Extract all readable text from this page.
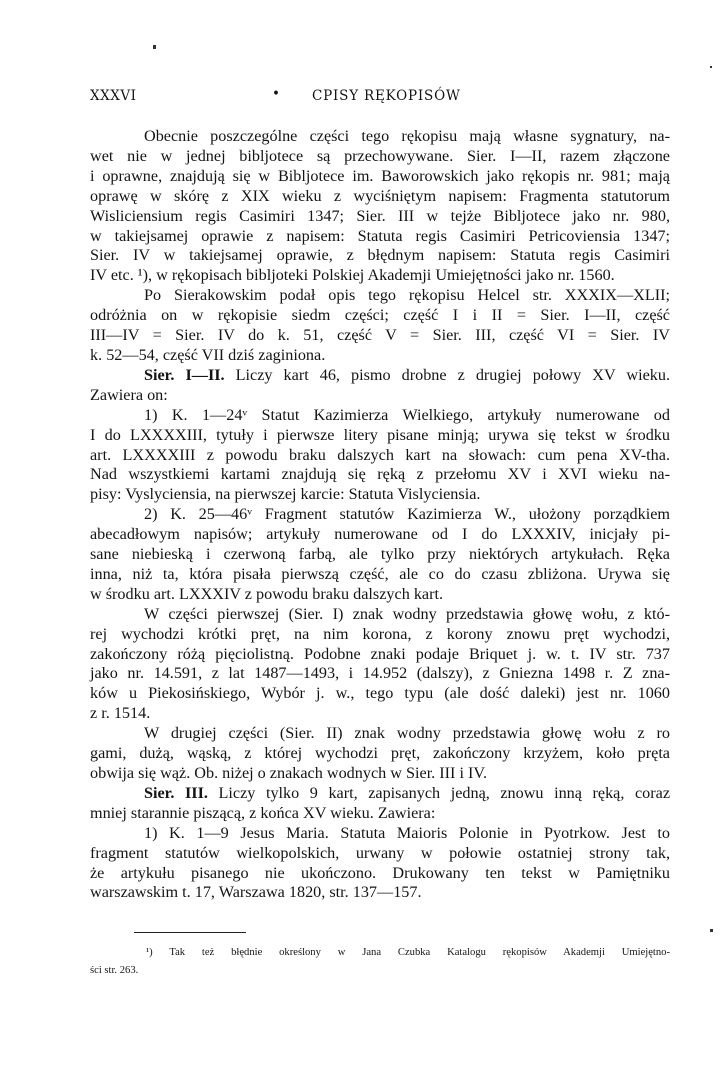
XXXVI	• CPISY RĘKOPISÓW

Obecnie poszczególne części tego rękopisu mają własne sygnatury, na-

wet nie w jednej bibljotece są przechowywane. Sier. I—II, razem złączone

i oprawne, znajdują się w Bibljotece im. Baworowskich jako rękopis nr. 981; mają

oprawę w skórę z XIX wieku z wyciśniętym napisem: Fragmenta statutorum

Wisliciensium regis Casimiri 1347; Sier. III w tejże Bibljotece jako nr. 980,

w takiejsamej oprawie z napisem: Statuta regis Casimiri Petricoviensia 1347;

Sier. IV w takiejsamej oprawie, z błędnym napisem: Statuta regis Casimiri

IV etc. ¹), w rękopisach bibljoteki Polskiej Akademji Umiejętności jako nr. 1560.

Po Sierakowskim podał opis tego rękopisu Helcel str. XXXIX—XLII;

odróżnia on w rękopisie siedm części; część I i II = Sier. I—II, część

III—IV = Sier. IV do k. 51, część V = Sier. III, część VI = Sier. IV

k. 52—54, część VII dziś zaginiona.

Sier. I—II. Liczy kart 46, pismo drobne z drugiej połowy XV wieku.

Zawiera on:

1) K. 1—24ᵛ Statut Kazimierza Wielkiego, artykuły numerowane od

I do LXXXXIII, tytuły i pierwsze litery pisane minją; urywa się tekst w środku

art. LXXXXIII z powodu braku dalszych kart na słowach: cum pena XV-tha.

Nad wszystkiemi kartami znajdują się ręką z przełomu XV i XVI wieku na-

pisy: Vyslyciensia, na pierwszej karcie: Statuta Vislyciensia.

2) K. 25—46ᵛ Fragment statutów Kazimierza W., ułożony porządkiem

abecadłowym napisów; artykuły numerowane od I do LXXXIV, inicjały pi-

sane niebieską i czerwoną farbą, ale tylko przy niektórych artykułach. Ręka

inna, niż ta, która pisała pierwszą część, ale co do czasu zbliżona. Urywa się

w środku art. LXXXIV z powodu braku dalszych kart.

W części pierwszej (Sier. I) znak wodny przedstawia głowę wołu, z któ-

rej wychodzi krótki pręt, na nim korona, z korony znowu pręt wychodzi,

zakończony różą pięciolistną. Podobne znaki podaje Briquet j. w. t. IV str. 737

jako nr. 14.591, z lat 1487—1493, i 14.952 (dalszy), z Gniezna 1498 r. Z zna-

ków u Piekosińskiego, Wybór j. w., tego typu (ale dość daleki) jest nr. 1060

z r. 1514.

W drugiej części (Sier. II) znak wodny przedstawia głowę wołu z ro

gami, dużą, wąską, z której wychodzi pręt, zakończony krzyżem, koło pręta

obwija się wąż. Ob. niżej o znakach wodnych w Sier. III i IV.

Sier. III. Liczy tylko 9 kart, zapisanych jedną, znowu inną ręką, coraz

mniej starannie piszącą, z końca XV wieku. Zawiera:

1) K. 1—9 Jesus Maria. Statuta Maioris Polonie in Pyotrkow. Jest to

fragment statutów wielkopolskich, urwany w połowie ostatniej strony tak,

że artykułu pisanego nie ukończono. Drukowany ten tekst w Pamiętniku

warszawskim t. 17, Warszawa 1820, str. 137—157.

¹) Tak też błędnie określony w Jana Czubka Katalogu rękopisów Akademji Umiejętno-

ści str. 263.
